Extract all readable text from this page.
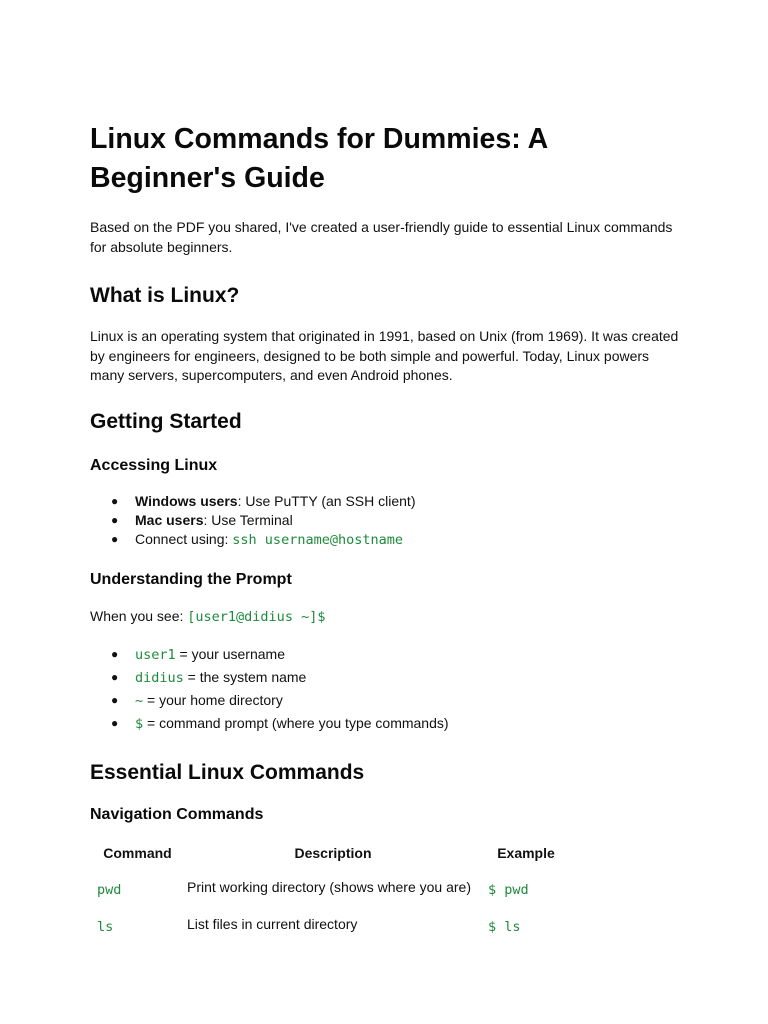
Linux Commands for Dummies: A Beginner's Guide

Based on the PDF you shared, I've created a user-friendly guide to essential Linux commands for absolute beginners.

What is Linux?

Linux is an operating system that originated in 1991, based on Unix (from 1969). It was created by engineers for engineers, designed to be both simple and powerful. Today, Linux powers many servers, supercomputers, and even Android phones.

Getting Started
Accessing Linux
● Windows users: Use PuTTY (an SSH client)
● Mac users: Use Terminal
● Connect using: ssh username@hostname
Understanding the Prompt

When you see: [user1@didius ~]$

● user1 = your username
● didius = the system name
● ~ = your home directory
● $ = command prompt (where you type commands)
Essential Linux Commands
Navigation Commands
Command	Description	Example
pwd	Print working directory (shows where you are)	$ pwd
ls	List files in current directory	$ ls
